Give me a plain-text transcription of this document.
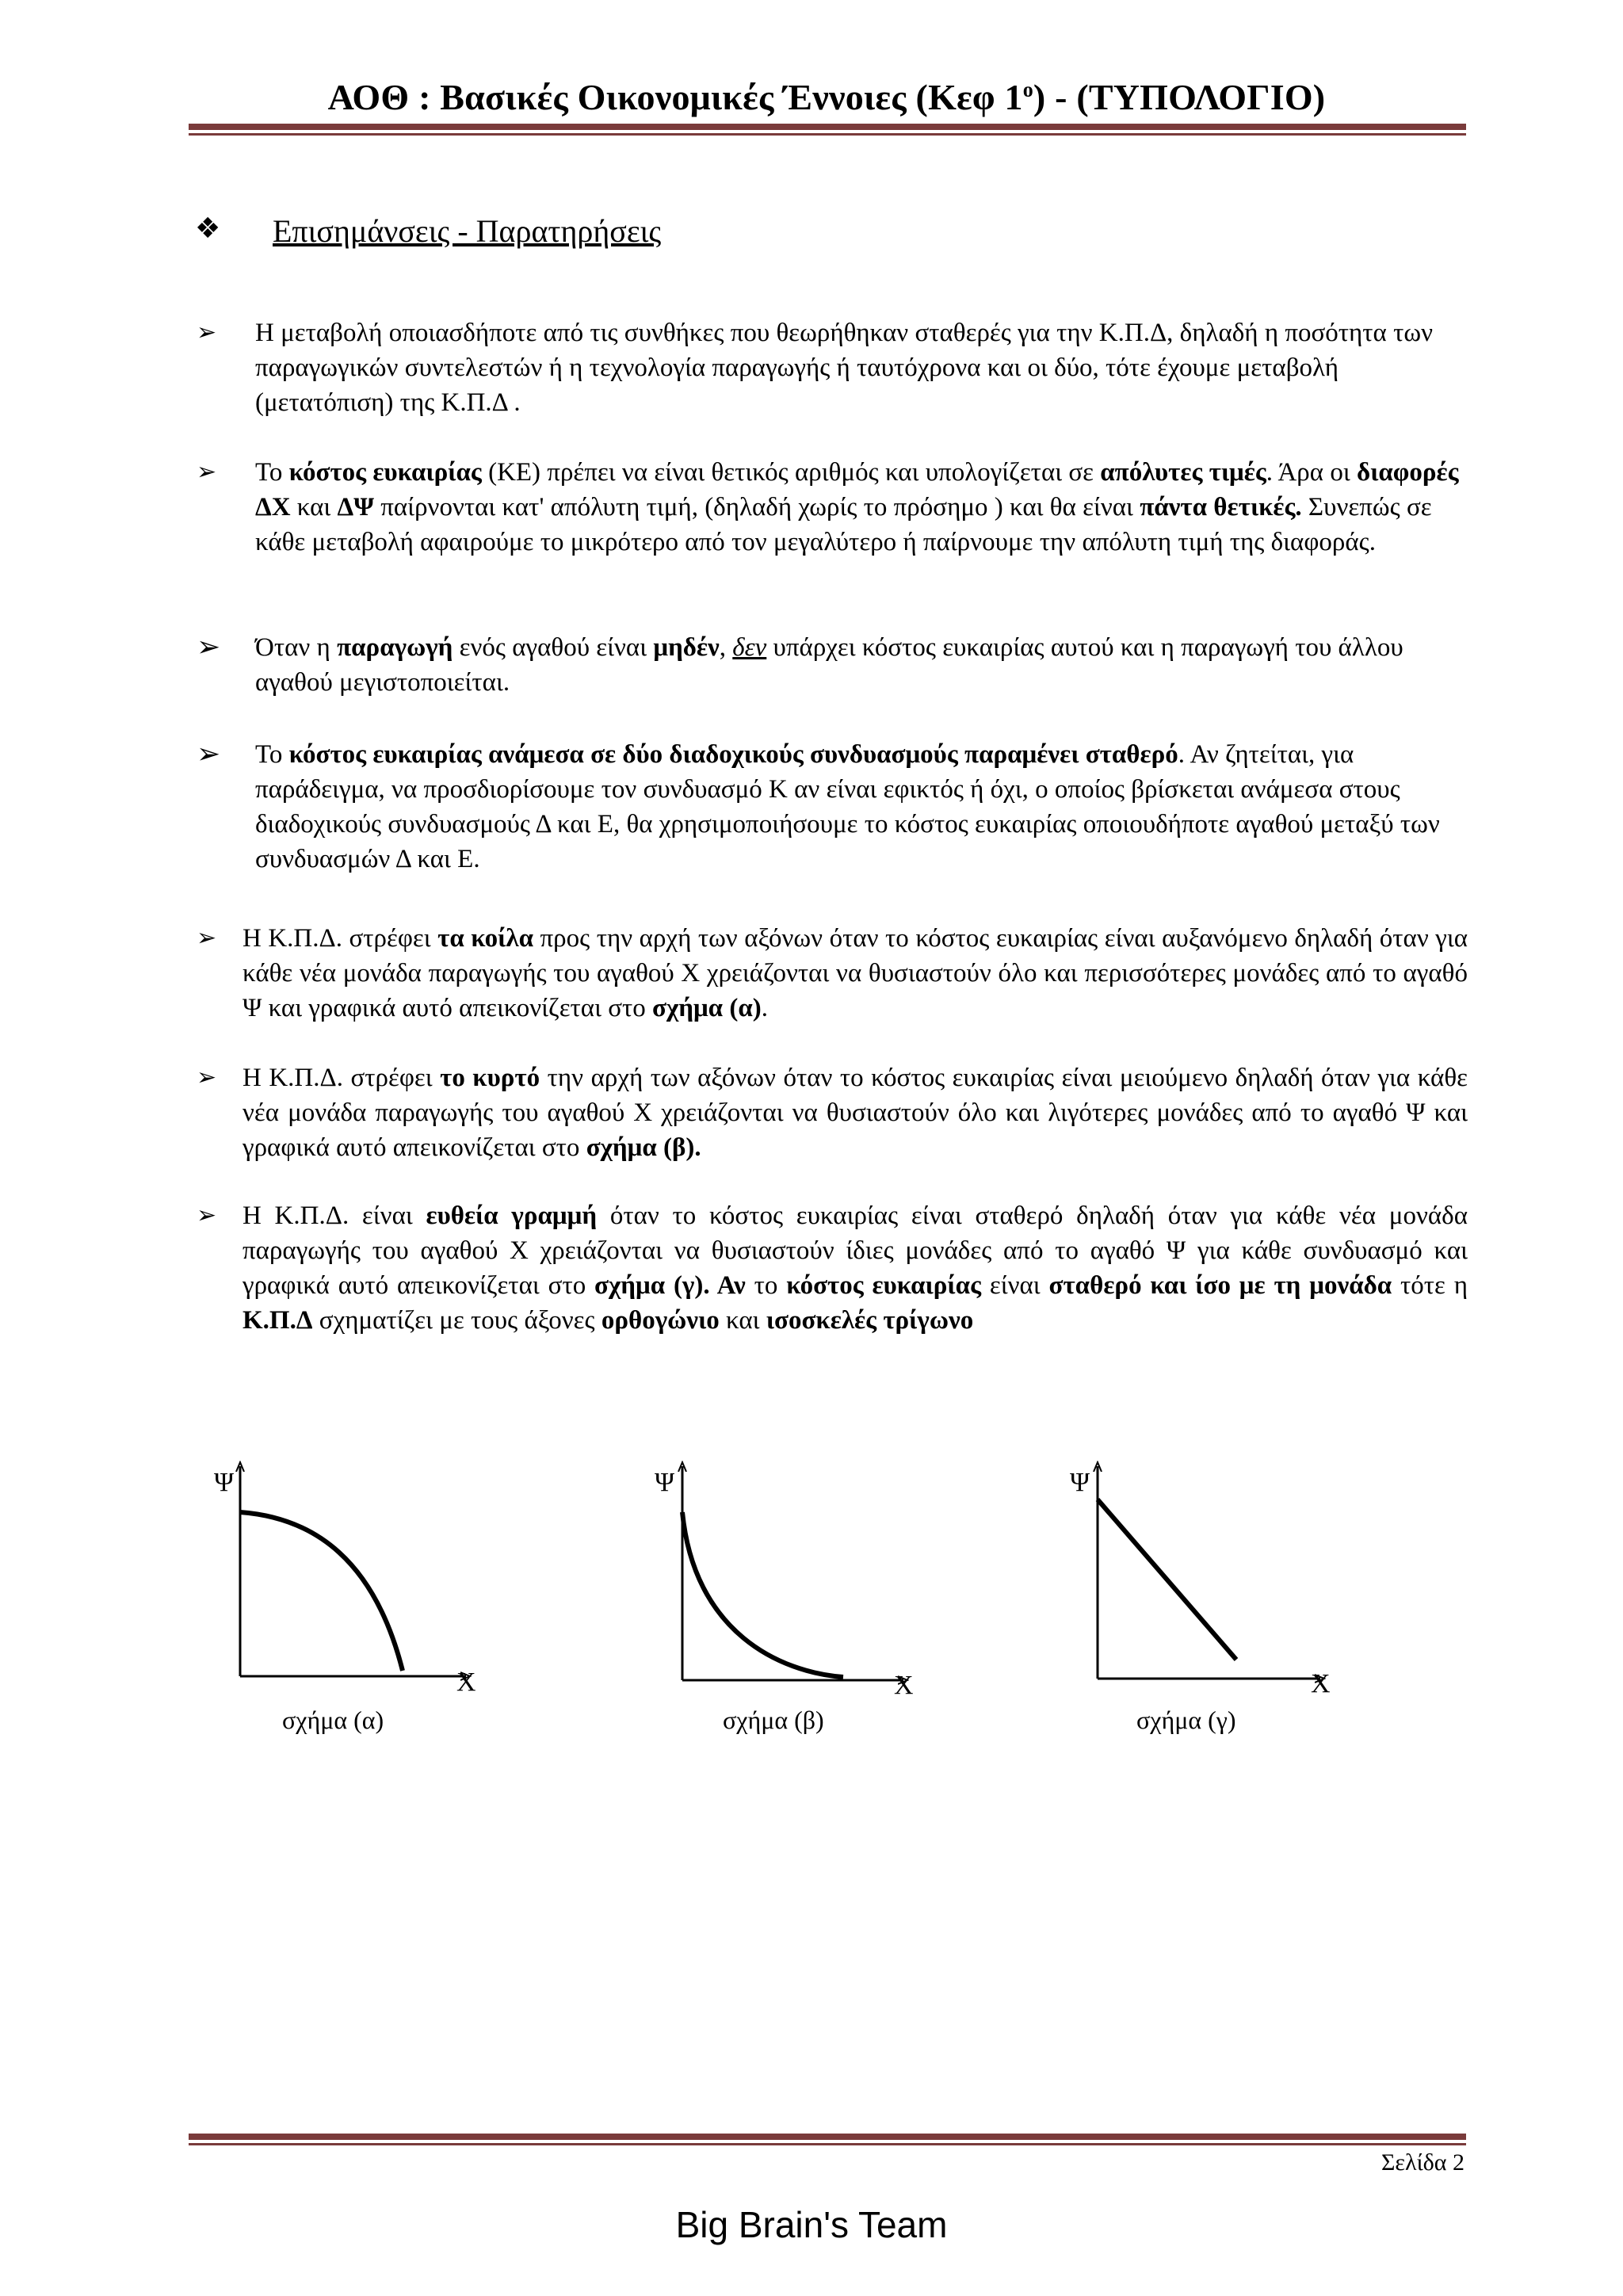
ΑΟΘ : Βασικές Οικονομικές Έννοιες (Κεφ $1^o) - (T\Upsilon\Pi O\Lambda O\Gamma IO)$
❖ Επισημάνσεις - Παρατηρήσεις
➢ Η μεταβολή οποιασδήποτε από τις συνθήκες που θεωρήθηκαν σταθερές για την Κ.Π.Δ, δηλαδή η ποσότητα των παραγωγικών συντελεστών ή η τεχνολογία παραγωγής ή ταυτόχρονα και οι δύο, τότε έχουμε μεταβολή (μετατόπιση) της Κ.Π.Δ .
➢ Το κόστος ευκαιρίας (ΚΕ) πρέπει να είναι θετικός αριθμός και υπολογίζεται σε απόλυτες τιμές. Άρα οι διαφορές ΔΧ και ΔΨ παίρνονται κατ' απόλυτη τιμή, (δηλαδή χωρίς το πρόσημο ) και θα είναι πάντα θετικές. Συνεπώς σε κάθε μεταβολή αφαιρούμε το μικρότερο από τον μεγαλύτερο ή παίρνουμε την απόλυτη τιμή της διαφοράς.
➢ Όταν η παραγωγή ενός αγαθού είναι μηδέν, δεν υπάρχει κόστος ευκαιρίας αυτού και η παραγωγή του άλλου αγαθού μεγιστοποιείται.
➢ Το κόστος ευκαιρίας ανάμεσα σε δύο διαδοχικούς συνδυασμούς παραμένει σταθερό. Αν ζητείται, για παράδειγμα, να προσδιορίσουμε τον συνδυασμό Κ αν είναι εφικτός ή όχι, ο οποίος βρίσκεται ανάμεσα στους διαδοχικούς συνδυασμούς Δ και Ε, θα χρησιμοποιήσουμε το κόστος ευκαιρίας οποιουδήποτε αγαθού μεταξύ των συνδυασμών Δ και Ε.
➢ Η Κ.Π.Δ. στρέφει τα κοίλα προς την αρχή των αξόνων όταν το κόστος ευκαιρίας είναι αυξανόμενο δηλαδή όταν για κάθε νέα μονάδα παραγωγής του αγαθού Χ χρειάζονται να θυσιαστούν όλο και περισσότερες μονάδες από το αγαθό Ψ και γραφικά αυτό απεικονίζεται στο σχήμα (α).
➢ Η Κ.Π.Δ. στρέφει το κυρτό την αρχή των αξόνων όταν το κόστος ευκαιρίας είναι μειούμενο δηλαδή όταν για κάθε νέα μονάδα παραγωγής του αγαθού Χ χρειάζονται να θυσιαστούν όλο και λιγότερες μονάδες από το αγαθό Ψ και γραφικά αυτό απεικονίζεται στο σχήμα (β).
➢ Η Κ.Π.Δ. είναι ευθεία γραμμή όταν το κόστος ευκαιρίας είναι σταθερό δηλαδή όταν για κάθε νέα μονάδα παραγωγής του αγαθού Χ χρειάζονται να θυσιαστούν ίδιες μονάδες από το αγαθό Ψ για κάθε συνδυασμό και γραφικά αυτό απεικονίζεται στο σχήμα (γ). Αν το κόστος ευκαιρίας είναι σταθερό και ίσο με τη μονάδα τότε η Κ.Π.Δ σχηματίζει με τους άξονες ορθογώνιο και ισοσκελές τρίγωνο
Ψ
Χ
σχήμα (α)
Ψ
Χ
σχήμα (β)
Ψ
Χ
σχήμα (γ)
Σελίδα 2
Big Brain's Team
